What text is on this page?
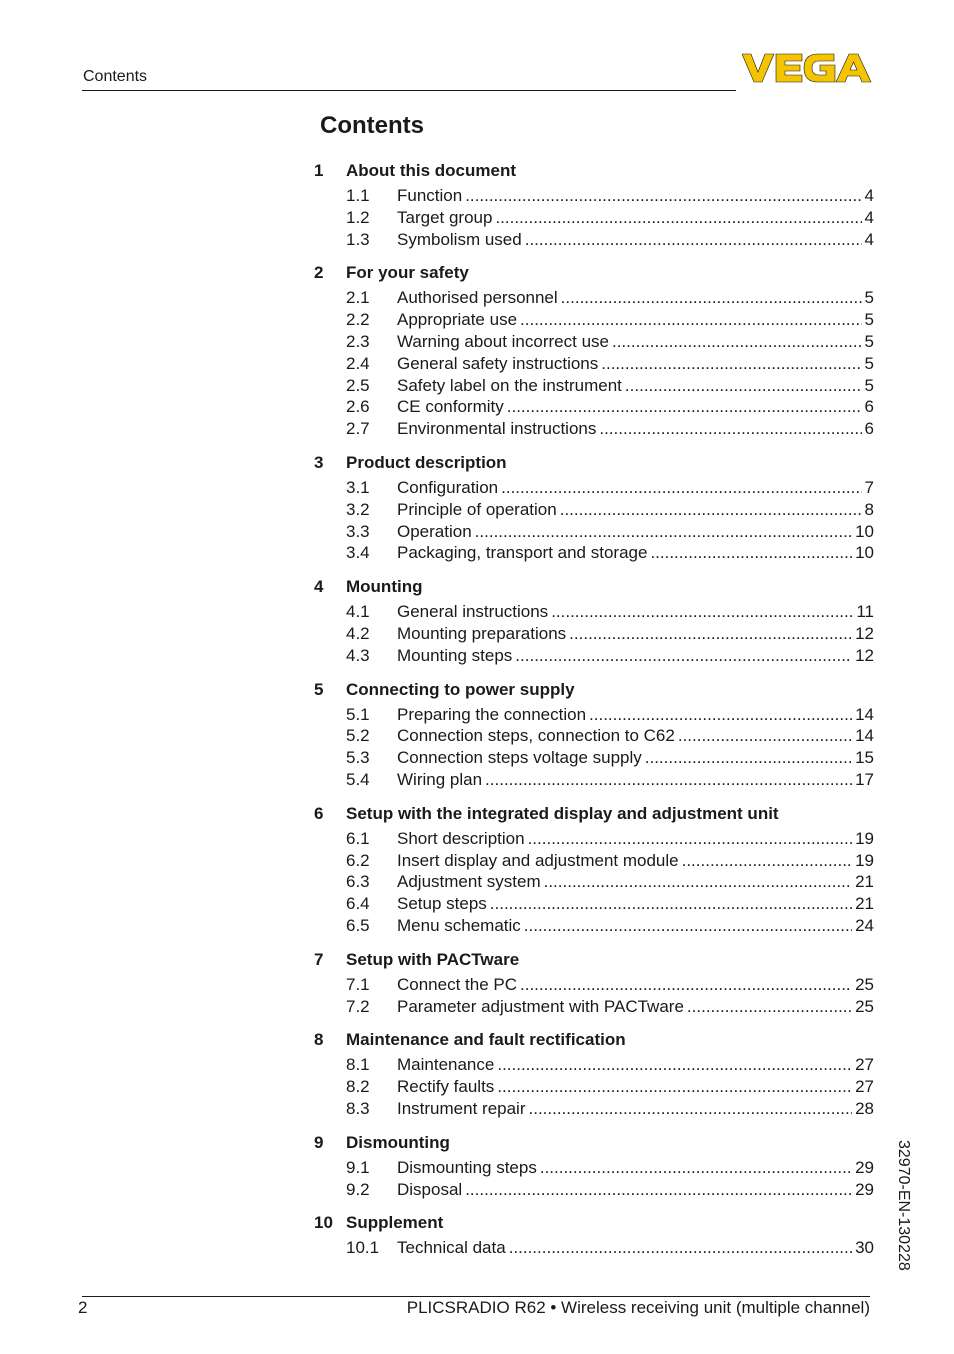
Contents
Contents
1	About this document
1.1	Function .....	4
1.2	Target group .....	4
1.3	Symbolism used .....	4
2	For your safety
2.1	Authorised personnel .....	5
2.2	Appropriate use .....	5
2.3	Warning about incorrect use .....	5
2.4	General safety instructions .....	5
2.5	Safety label on the instrument .....	5
2.6	CE conformity .....	6
2.7	Environmental instructions .....	6
3	Product description
3.1	Configuration .....	7
3.2	Principle of operation .....	8
3.3	Operation .....	10
3.4	Packaging, transport and storage .....	10
4	Mounting
4.1	General instructions .....	11
4.2	Mounting preparations .....	12
4.3	Mounting steps .....	12
5	Connecting to power supply
5.1	Preparing the connection .....	14
5.2	Connection steps, connection to C62 .....	14
5.3	Connection steps voltage supply .....	15
5.4	Wiring plan .....	17
6	Setup with the integrated display and adjustment unit
6.1	Short description .....	19
6.2	Insert display and adjustment module .....	19
6.3	Adjustment system .....	21
6.4	Setup steps .....	21
6.5	Menu schematic .....	24
7	Setup with PACTware
7.1	Connect the PC .....	25
7.2	Parameter adjustment with PACTware .....	25
8	Maintenance and fault rectification
8.1	Maintenance .....	27
8.2	Rectify faults .....	27
8.3	Instrument repair .....	28
9	Dismounting
9.1	Dismounting steps .....	29
9.2	Disposal .....	29
10 Supplement
10.1	Technical data .....	30
2	PLICSRADIO R62 • Wireless receiving unit (multiple channel)
32970-EN-130228
